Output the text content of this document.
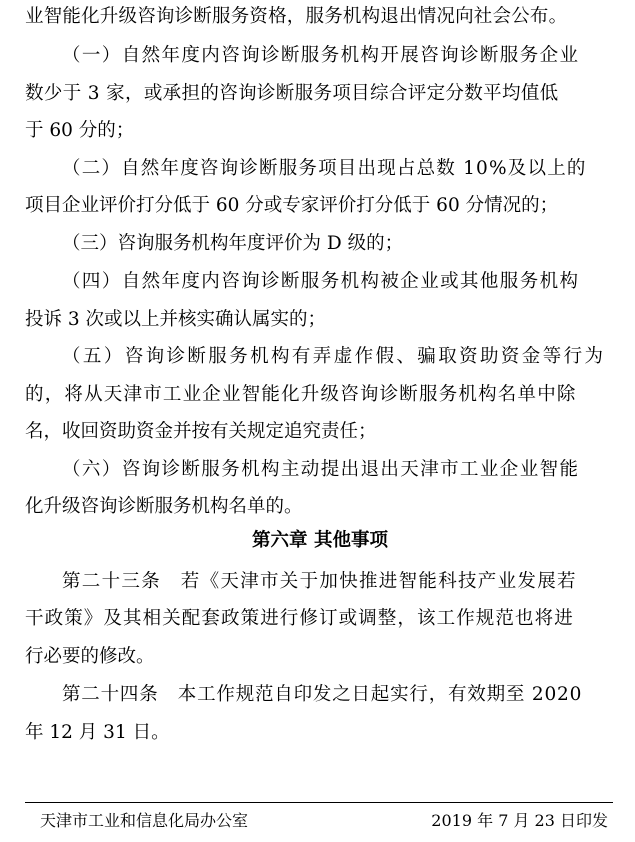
业智能化升级咨询诊断服务资格，服务机构退出情况向社会公布。
（一）自然年度内咨询诊断服务机构开展咨询诊断服务企业
数少于 3 家，或承担的咨询诊断服务项目综合评定分数平均值低
于 60 分的；
（二）自然年度咨询诊断服务项目出现占总数 10%及以上的
项目企业评价打分低于 60 分或专家评价打分低于 60 分情况的；
（三）咨询服务机构年度评价为 D 级的；
（四）自然年度内咨询诊断服务机构被企业或其他服务机构
投诉 3 次或以上并核实确认属实的；
（五）咨询诊断服务机构有弄虚作假、骗取资助资金等行为
的，将从天津市工业企业智能化升级咨询诊断服务机构名单中除
名，收回资助资金并按有关规定追究责任；
（六）咨询诊断服务机构主动提出退出天津市工业企业智能
化升级咨询诊断服务机构名单的。
第六章 其他事项
第二十三条　若《天津市关于加快推进智能科技产业发展若
干政策》及其相关配套政策进行修订或调整，该工作规范也将进
行必要的修改。
第二十四条　本工作规范自印发之日起实行，有效期至 2020
年 12 月 31 日。
天津市工业和信息化局办公室	2019 年 7 月 23 日印发
